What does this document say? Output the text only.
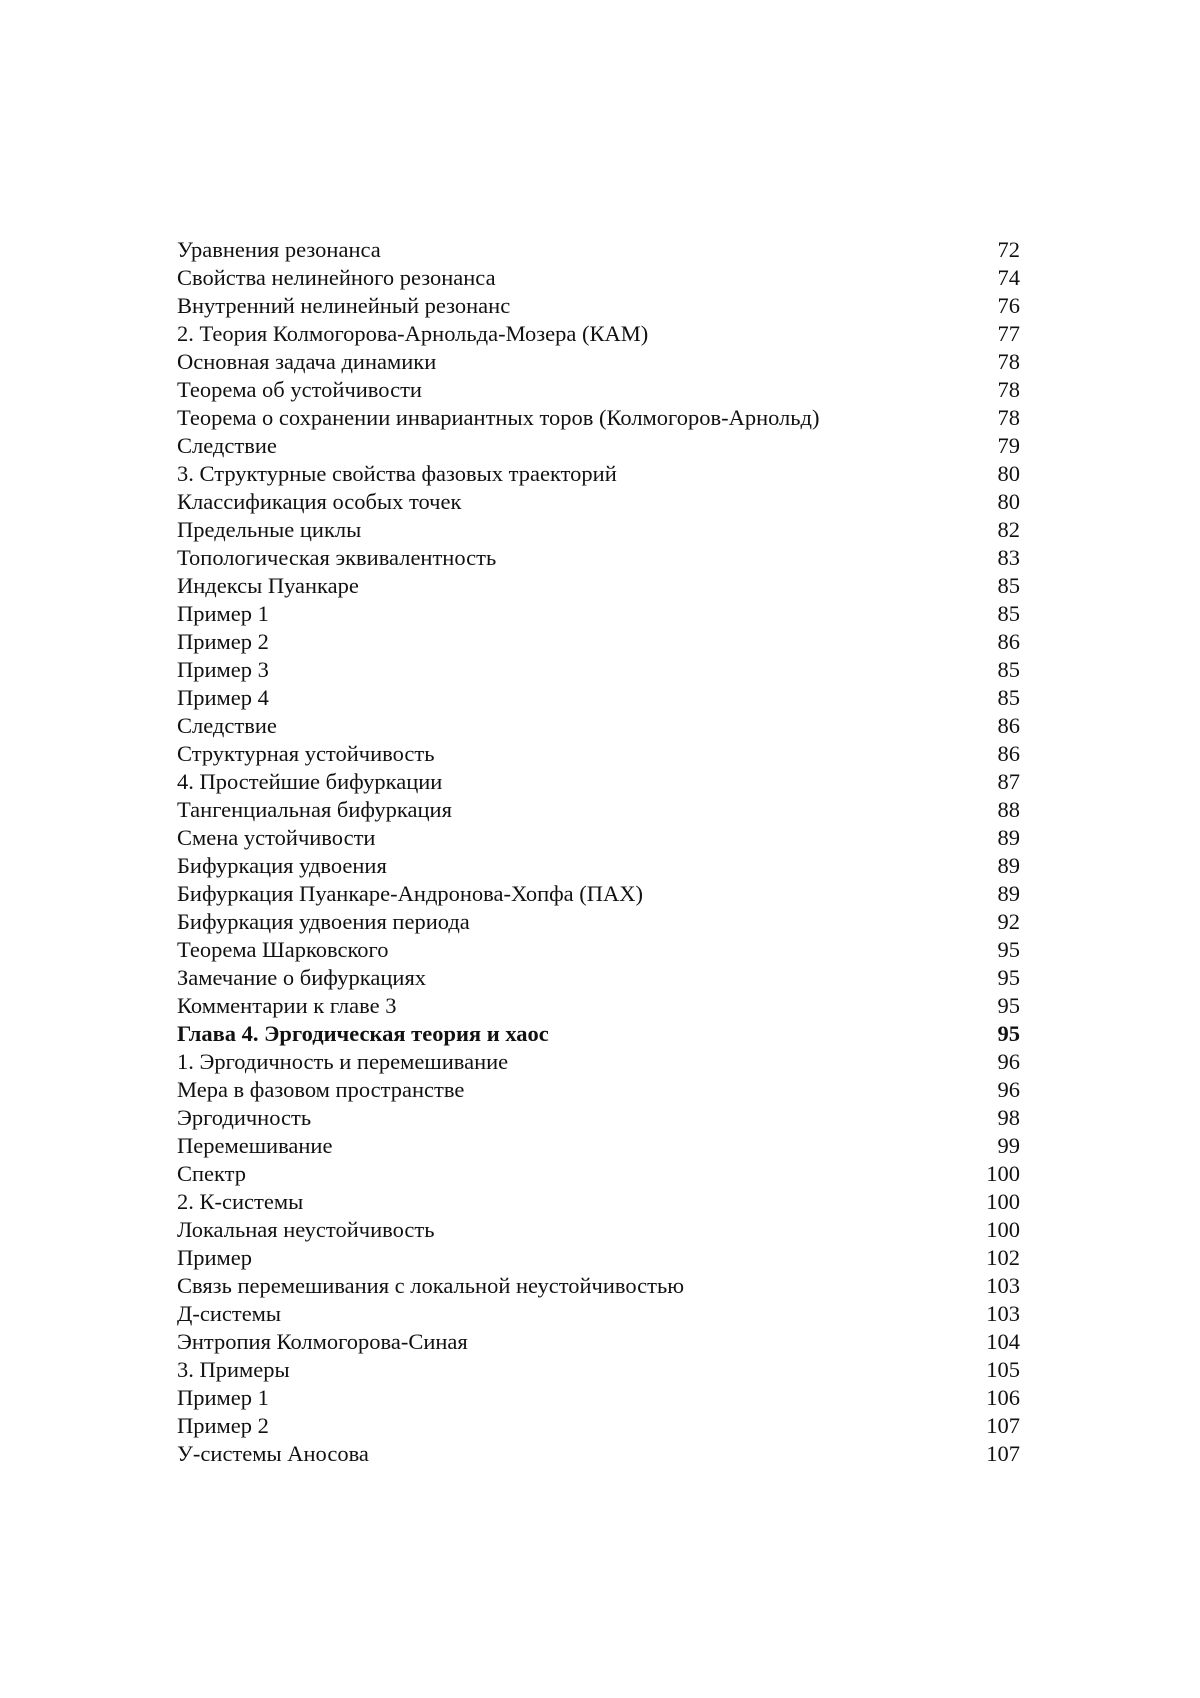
Уравнения резонанса	72
Свойства нелинейного резонанса	74
Внутренний нелинейный резонанс	76
2. Теория Колмогорова-Арнольда-Мозера (КАМ)	77
Основная задача динамики	78
Теорема об устойчивости	78
Теорема о сохранении инвариантных торов (Колмогоров-Арнольд)	78
Следствие	79
3. Структурные свойства фазовых траекторий	80
Классификация особых точек	80
Предельные циклы	82
Топологическая эквивалентность	83
Индексы Пуанкаре	85
Пример 1	85
Пример 2	86
Пример 3	85
Пример 4	85
Следствие	86
Структурная устойчивость	86
4. Простейшие бифуркации	87
Тангенциальная бифуркация	88
Смена устойчивости	89
Бифуркация удвоения	89
Бифуркация Пуанкаре-Андронова-Хопфа (ПАХ)	89
Бифуркация удвоения периода	92
Теорема Шарковского	95
Замечание о бифуркациях	95
Комментарии к главе 3	95
Глава 4. Эргодическая теория и хаос	95
1. Эргодичность и перемешивание	96
Мера в фазовом пространстве	96
Эргодичность	98
Перемешивание	99
Спектр	100
2. К-системы	100
Локальная неустойчивость	100
Пример	102
Связь перемешивания с локальной неустойчивостью	103
Д-системы	103
Энтропия Колмогорова-Синая	104
3. Примеры	105
Пример 1	106
Пример 2	107
У-системы Аносова	107
